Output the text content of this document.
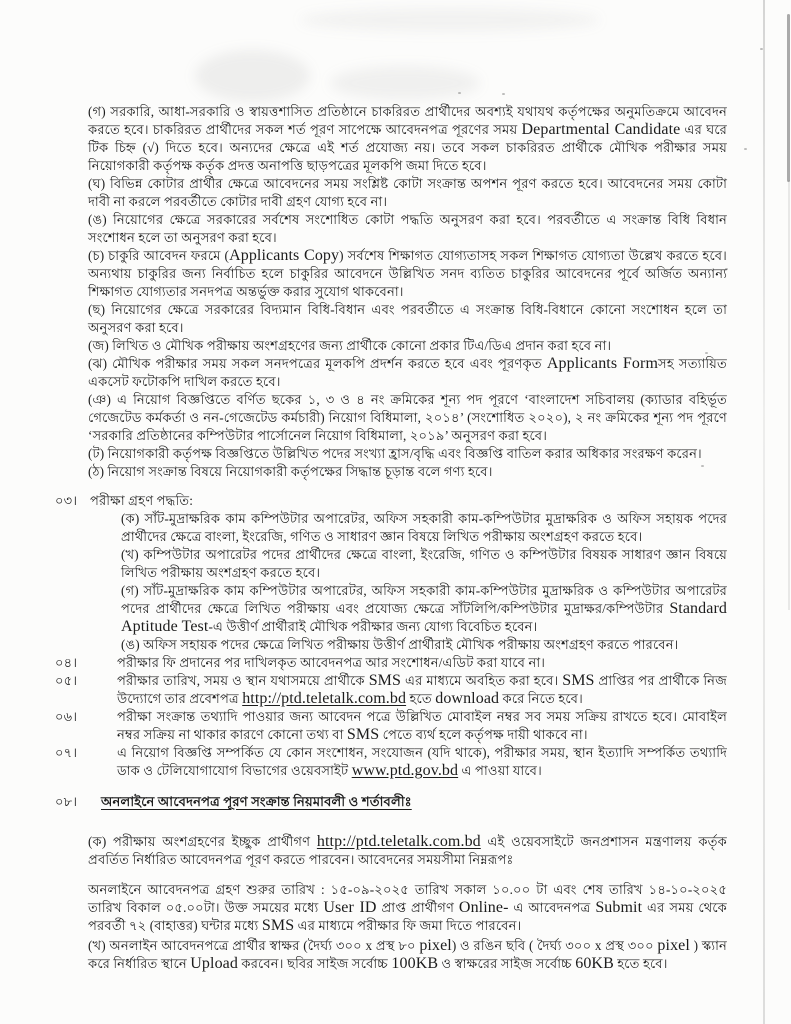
(গ) সরকারি, আধা-সরকারি ও স্বায়ত্তশাসিত প্রতিষ্ঠানে চাকরিরত প্রার্থীদের অবশ্যই যথাযথ কর্তৃপক্ষের অনুমতিক্রমে আবেদন করতে হবে। চাকরিরত প্রার্থীদের সকল শর্ত পূরণ সাপেক্ষে আবেদনপত্র পূরণের সময় Departmental Candidate এর ঘরে টিক চিহ্ন (√) দিতে হবে। অন্যদের ক্ষেত্রে এই শর্ত প্রযোজ্য নয়। তবে সকল চাকরিরত প্রার্থীকে মৌখিক পরীক্ষার সময় নিয়োগকারী কর্তৃপক্ষ কর্তৃক প্রদত্ত অনাপত্তি ছাড়পত্রের মূলকপি জমা দিতে হবে।
(ঘ) বিভিন্ন কোটার প্রার্থীর ক্ষেত্রে আবেদনের সময় সংশ্লিষ্ট কোটা সংক্রান্ত অপশন পূরণ করতে হবে। আবেদনের সময় কোটা দাবী না করলে পরবর্তীতে কোটার দাবী গ্রহণ যোগ্য হবে না।
(ঙ) নিয়োগের ক্ষেত্রে সরকারের সর্বশেষ সংশোধিত কোটা পদ্ধতি অনুসরণ করা হবে। পরবর্তীতে এ সংক্রান্ত বিধি বিধান সংশোধন হলে তা অনুসরণ করা হবে।
(চ) চাকুরি আবেদন ফরমে (Applicants Copy) সর্বশেষ শিক্ষাগত যোগ্যতাসহ সকল শিক্ষাগত যোগ্যতা উল্লেখ করতে হবে। অন্যথায় চাকুরির জন্য নির্বাচিত হলে চাকুরির আবেদনে উল্লিখিত সনদ ব্যতিত চাকুরির আবেদনের পূর্বে অর্জিত অন্যান্য শিক্ষাগত যোগ্যতার সনদপত্র অন্তর্ভুক্ত করার সুযোগ থাকবেনা।
(ছ) নিয়োগের ক্ষেত্রে সরকারের বিদ্যমান বিধি-বিধান এবং পরবর্তীতে এ সংক্রান্ত বিধি-বিধানে কোনো সংশোধন হলে তা অনুসরণ করা হবে।
(জ) লিখিত ও মৌখিক পরীক্ষায় অংশগ্রহণের জন্য প্রার্থীকে কোনো প্রকার টিএ/ডিএ প্রদান করা হবে না।
(ঝ) মৌখিক পরীক্ষার সময় সকল সনদপত্রের মূলকপি প্রদর্শন করতে হবে এবং পূরণকৃত Applicants Formসহ সত্যায়িত একসেট ফটোকপি দাখিল করতে হবে।
(ঞ) এ নিয়োগ বিজ্ঞপ্তিতে বর্ণিত ছকের ১, ৩ ও ৪ নং ক্রমিকের শূন্য পদ পূরণে ‘বাংলাদেশ সচিবালয় (ক্যাডার বহির্ভূত গেজেটেড কর্মকর্তা ও নন-গেজেটেড কর্মচারী) নিয়োগ বিধিমালা, ২০১৪’ (সংশোধিত ২০২০), ২ নং ক্রমিকের শূন্য পদ পূরণে ‘সরকারি প্রতিষ্ঠানের কম্পিউটার পার্সোনেল নিয়োগ বিধিমালা, ২০১৯’ অনুসরণ করা হবে।
(ট) নিয়োগকারী কর্তৃপক্ষ বিজ্ঞপ্তিতে উল্লিখিত পদের সংখ্যা হ্রাস/বৃদ্ধি এবং বিজ্ঞপ্তি বাতিল করার অধিকার সংরক্ষণ করেন।
(ঠ) নিয়োগ সংক্রান্ত বিষয়ে নিয়োগকারী কর্তৃপক্ষের সিদ্ধান্ত চূড়ান্ত বলে গণ্য হবে।
০৩। পরীক্ষা গ্রহণ পদ্ধতি:
(ক) সাঁট-মুদ্রাক্ষরিক কাম কম্পিউটার অপারেটর, অফিস সহকারী কাম-কম্পিউটার মুদ্রাক্ষরিক ও অফিস সহায়ক পদের প্রার্থীদের ক্ষেত্রে বাংলা, ইংরেজি, গণিত ও সাধারণ জ্ঞান বিষয়ে লিখিত পরীক্ষায় অংশগ্রহণ করতে হবে।
(খ) কম্পিউটার অপারেটর পদের প্রার্থীদের ক্ষেত্রে বাংলা, ইংরেজি, গণিত ও কম্পিউটার বিষয়ক সাধারণ জ্ঞান বিষয়ে লিখিত পরীক্ষায় অংশগ্রহণ করতে হবে।
(গ) সাঁট-মুদ্রাক্ষরিক কাম কম্পিউটার অপারেটর, অফিস সহকারী কাম-কম্পিউটার মুদ্রাক্ষরিক ও কম্পিউটার অপারেটর পদের প্রার্থীদের ক্ষেত্রে লিখিত পরীক্ষায় এবং প্রযোজ্য ক্ষেত্রে সাঁটলিপি/কম্পিউটার মুদ্রাক্ষর/কম্পিউটার Standard Aptitude Test-এ উত্তীর্ণ প্রার্থীরাই মৌখিক পরীক্ষার জন্য যোগ্য বিবেচিত হবেন।
(ঙ) অফিস সহায়ক পদের ক্ষেত্রে লিখিত পরীক্ষায় উত্তীর্ণ প্রার্থীরাই মৌখিক পরীক্ষায় অংশগ্রহণ করতে পারবেন।
০৪।	পরীক্ষার ফি প্রদানের পর দাখিলকৃত আবেদনপত্র আর সংশোধন/এডিট করা যাবে না।
০৫।	পরীক্ষার তারিখ, সময় ও স্থান যথাসময়ে প্রার্থীকে SMS এর মাধ্যমে অবহিত করা হবে। SMS প্রাপ্তির পর প্রার্থীকে নিজ উদ্যোগে তার প্রবেশপত্র http://ptd.teletalk.com.bd হতে download করে নিতে হবে।
০৬।	পরীক্ষা সংক্রান্ত তথ্যাদি পাওয়ার জন্য আবেদন পত্রে উল্লিখিত মোবাইল নম্বর সব সময় সক্রিয় রাখতে হবে। মোবাইল নম্বর সক্রিয় না থাকার কারণে কোনো তথ্য বা SMS পেতে ব্যর্থ হলে কর্তৃপক্ষ দায়ী থাকবে না।
০৭।	এ নিয়োগ বিজ্ঞপ্তি সম্পর্কিত যে কোন সংশোধন, সংযোজন (যদি থাকে), পরীক্ষার সময়, স্থান ইত্যাদি সম্পর্কিত তথ্যাদি ডাক ও টেলিযোগাযোগ বিভাগের ওয়েবসাইট www.ptd.gov.bd এ পাওয়া যাবে।
০৮।	অনলাইনে আবেদনপত্র পূরণ সংক্রান্ত নিয়মাবলী ও শর্তাবলীঃ
(ক) পরীক্ষায় অংশগ্রহণের ইচ্ছুক প্রার্থীগণ http://ptd.teletalk.com.bd এই ওয়েবসাইটে জনপ্রশাসন মন্ত্রণালয় কর্তৃক প্রবর্তিত নির্ধারিত আবেদনপত্র পূরণ করতে পারবেন। আবেদনের সময়সীমা নিম্নরূপঃ
অনলাইনে আবেদনপত্র গ্রহণ শুরুর তারিখ : ১৫-০৯-২০২৫ তারিখ সকাল ১০.০০ টা এবং শেষ তারিখ ১৪-১০-২০২৫ তারিখ বিকাল ০৫.০০টা। উক্ত সময়ের মধ্যে User ID প্রাপ্ত প্রার্থীগণ Online- এ আবেদনপত্র Submit এর সময় থেকে পরবর্তী ৭২ (বাহাত্তর) ঘন্টার মধ্যে SMS এর মাধ্যমে পরীক্ষার ফি জমা দিতে পারবেন।
(খ) অনলাইন আবেদনপত্রে প্রার্থীর স্বাক্ষর (দৈর্ঘ্য ৩০০ x প্রস্থ ৮০ pixel) ও রঙিন ছবি ( দৈর্ঘ্য ৩০০ x প্রস্থ ৩০০ pixel ) স্ক্যান করে নির্ধারিত স্থানে Upload করবেন। ছবির সাইজ সর্বোচ্চ 100KB ও স্বাক্ষরের সাইজ সর্বোচ্চ 60KB হতে হবে।
